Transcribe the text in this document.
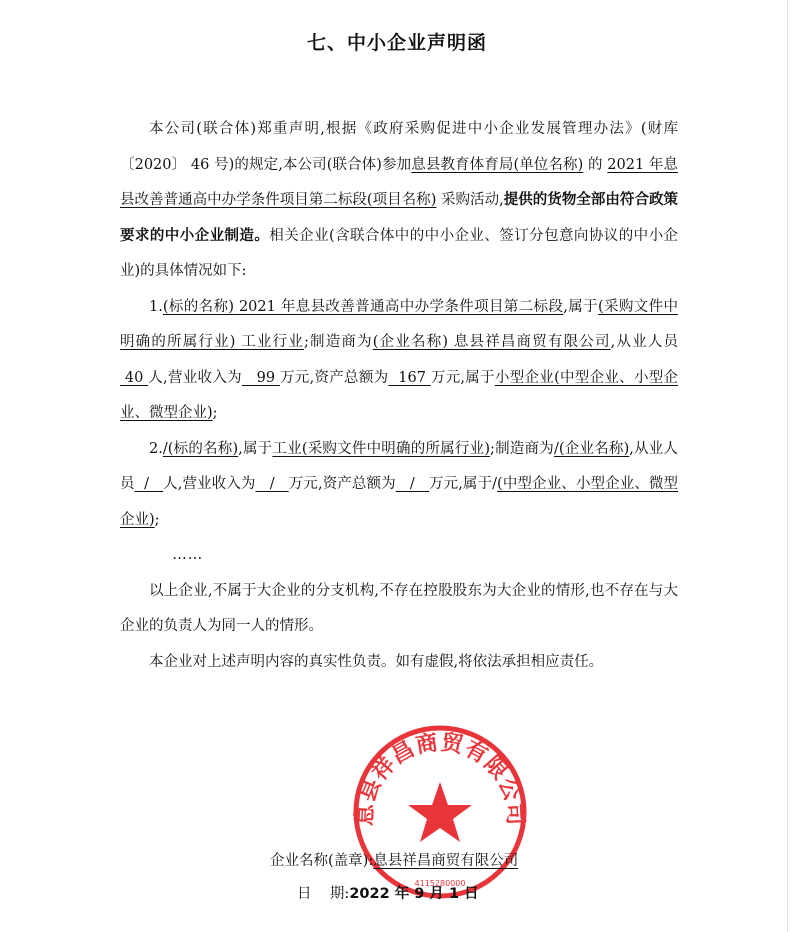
七、中小企业声明函

本公司(联合体)郑重声明,根据《政府采购促进中小企业发展管理办法》(财库〔2020〕 46 号)的规定,本公司(联合体)参加息县教育体育局(单位名称) 的 2021 年息县改善普通高中办学条件项目第二标段(项目名称) 采购活动,提供的货物全部由符合政策要求的中小企业制造。相关企业(含联合体中的中小企业、签订分包意向协议的中小企业)的具体情况如下:

1.(标的名称) 2021 年息县改善普通高中办学条件项目第二标段,属于(采购文件中明确的所属行业) 工业行业;制造商为(企业名称) 息县祥昌商贸有限公司,从业人员 40 人,营业收入为   99 万元,资产总额为  167 万元,属于小型企业(中型企业、小型企业、微型企业);

2./(标的名称),属于工业(采购文件中明确的所属行业);制造商为/(企业名称),从业人员  /   人,营业收入为   /   万元,资产总额为   /   万元,属于/(中型企业、小型企业、微型企业);

……

以上企业,不属于大企业的分支机构,不存在控股股东为大企业的情形,也不存在与大企业的负责人为同一人的情形。

本企业对上述声明内容的真实性负责。如有虚假,将依法承担相应责任。

息县祥昌商贸有限公司
4115280000
企业名称(盖章):息县祥昌商贸有限公司
日    期:2022 年 9 月 1 日
